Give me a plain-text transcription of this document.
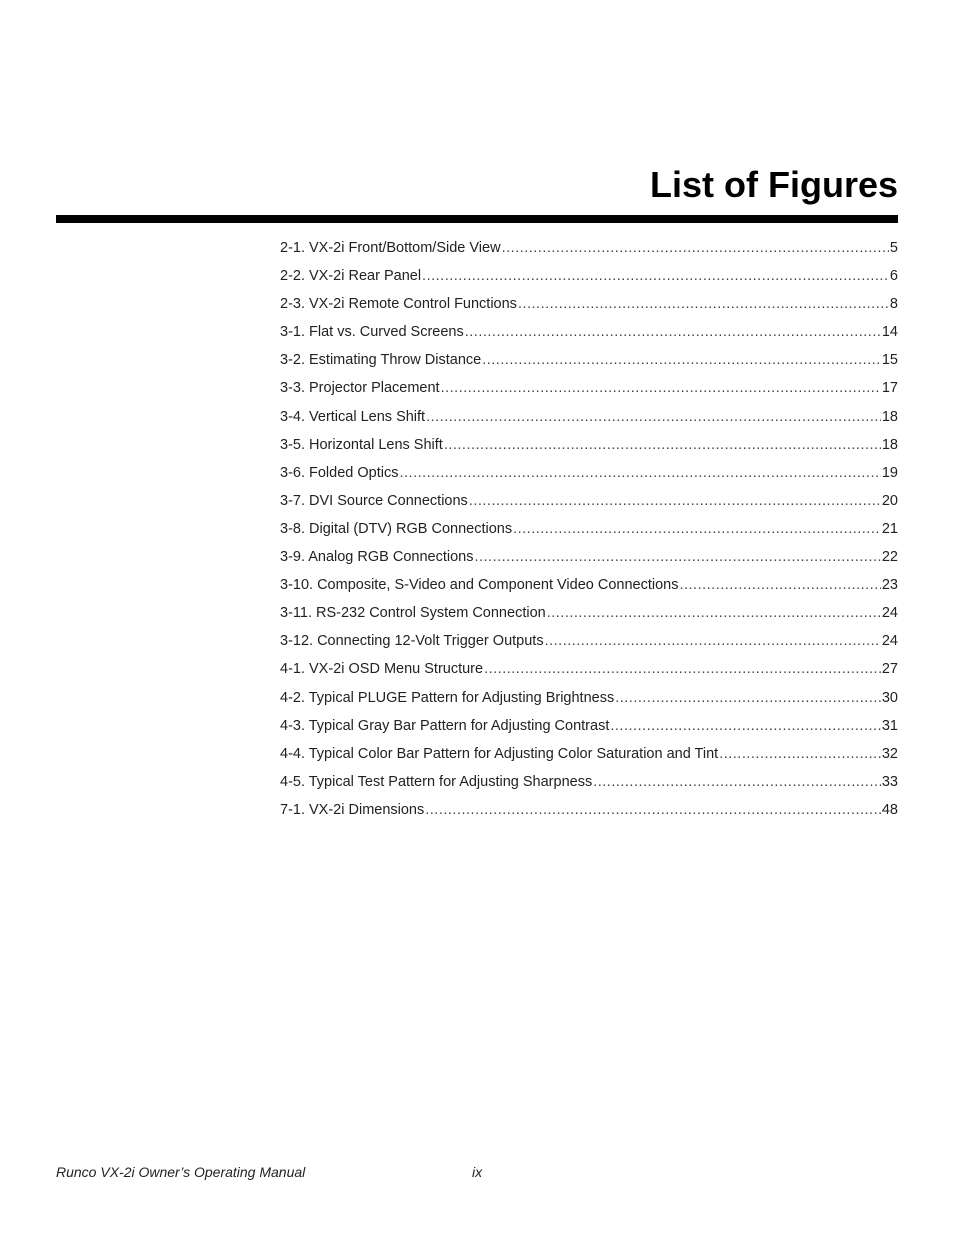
List of Figures
2-1. VX-2i Front/Bottom/Side View .....	5
2-2. VX-2i Rear Panel .....	6
2-3. VX-2i Remote Control Functions .....	8
3-1. Flat vs. Curved Screens .....	14
3-2. Estimating Throw Distance .....	15
3-3. Projector Placement .....	17
3-4. Vertical Lens Shift .....	18
3-5. Horizontal Lens Shift .....	18
3-6. Folded Optics .....	19
3-7. DVI Source Connections .....	20
3-8. Digital (DTV) RGB Connections .....	21
3-9. Analog RGB Connections .....	22
3-10. Composite, S-Video and Component Video Connections .....	23
3-11. RS-232 Control System Connection .....	24
3-12. Connecting 12-Volt Trigger Outputs .....	24
4-1. VX-2i OSD Menu Structure .....	27
4-2. Typical PLUGE Pattern for Adjusting Brightness .....	30
4-3. Typical Gray Bar Pattern for Adjusting Contrast .....	31
4-4. Typical Color Bar Pattern for Adjusting Color Saturation and Tint .....	32
4-5. Typical Test Pattern for Adjusting Sharpness .....	33
7-1. VX-2i Dimensions .....	48
Runco VX-2i Owner’s Operating Manual	ix
